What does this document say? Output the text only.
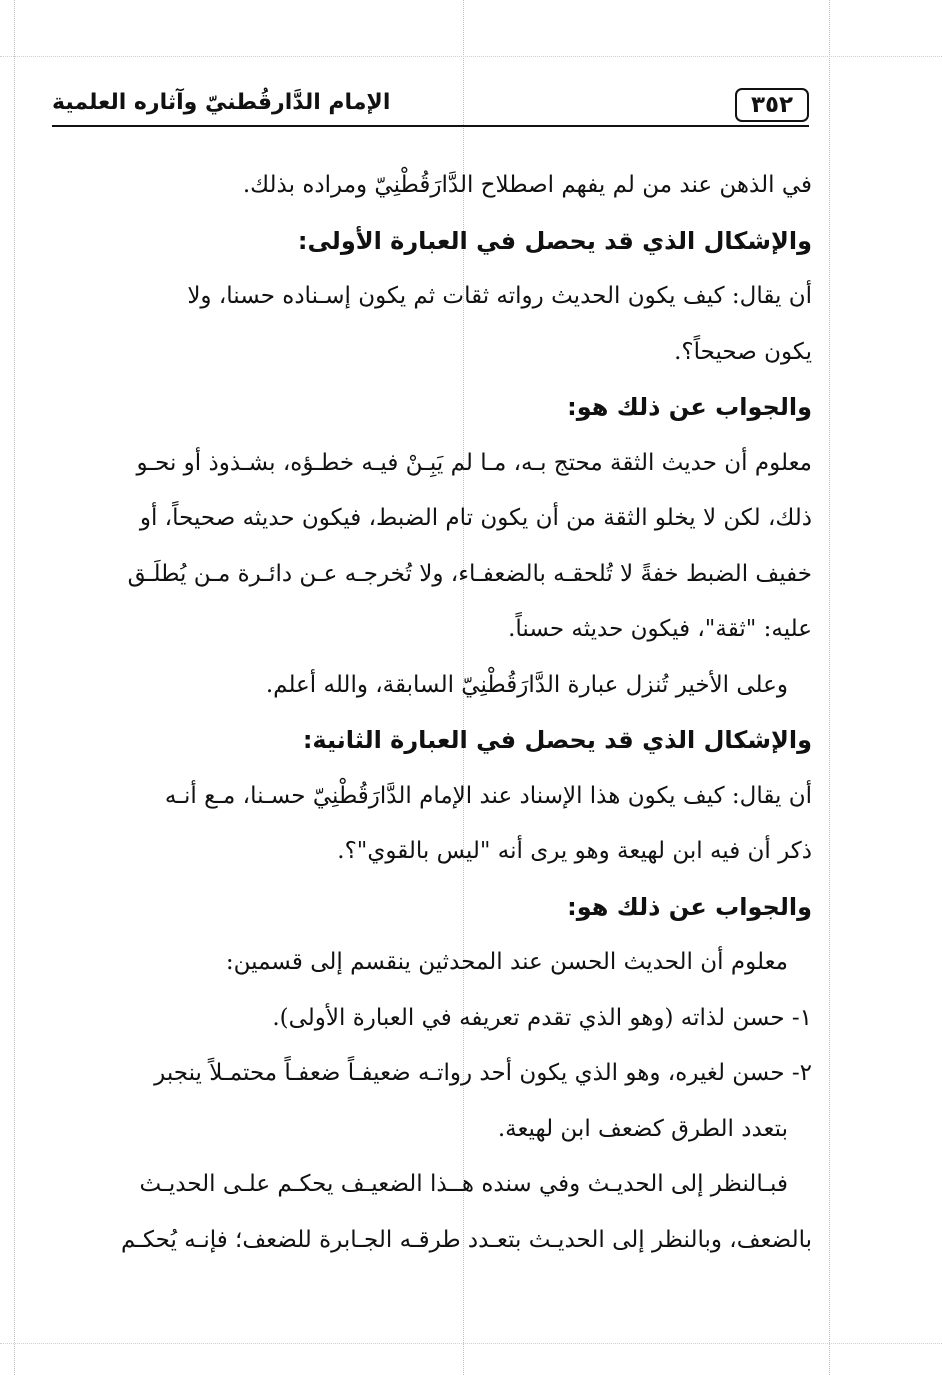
٣٥٢
الإمام الدَّارقُطنيّ وآثاره العلمية
في الذهن عند من لم يفهم اصطلاح الدَّارَقُطْنِيّ ومراده بذلك.
والإشكال الذي قد يحصل في العبارة الأولى:
أن يقال: كيف يكون الحديث رواته ثقات ثم يكون إسـناده حسنا، ولا
يكون صحيحاً؟.
والجواب عن ذلك هو:
معلوم أن حديث الثقة محتج بـه، مـا لم يَبِـنْ فيـه خطـؤه، بشـذوذ أو نحـو
ذلك، لكن لا يخلو الثقة من أن يكون تام الضبط، فيكون حديثه صحيحاً، أو
خفيف الضبط خفةً لا تُلحقـه بالضعفـاء، ولا تُخرجـه عـن دائـرة مـن يُطلَـق
عليه: "ثقة"، فيكون حديثه حسناً.
وعلى الأخير تُنزل عبارة الدَّارَقُطْنِيّ السابقة، والله أعلم.
والإشكال الذي قد يحصل في العبارة الثانية:
أن يقال: كيف يكون هذا الإسناد عند الإمام الدَّارَقُطْنِيّ حسـنا، مـع أنـه
ذكر أن فيه ابن لهيعة وهو يرى أنه "ليس بالقوي"؟.
والجواب عن ذلك هو:
معلوم أن الحديث الحسن عند المحدثين ينقسم إلى قسمين:
١- حسن لذاته (وهو الذي تقدم تعريفه في العبارة الأولى).
٢- حسن لغيره، وهو الذي يكون أحد رواتـه ضعيفـاً ضعفـاً محتمـلاً ينجبر
بتعدد الطرق كضعف ابن لهيعة.
فبـالنظر إلى الحديـث وفي سنده هــذا الضعيـف يحكـم علـى الحديـث
بالضعف، وبالنظر إلى الحديـث بتعـدد طرقـه الجـابرة للضعف؛ فإنـه يُحكـم
